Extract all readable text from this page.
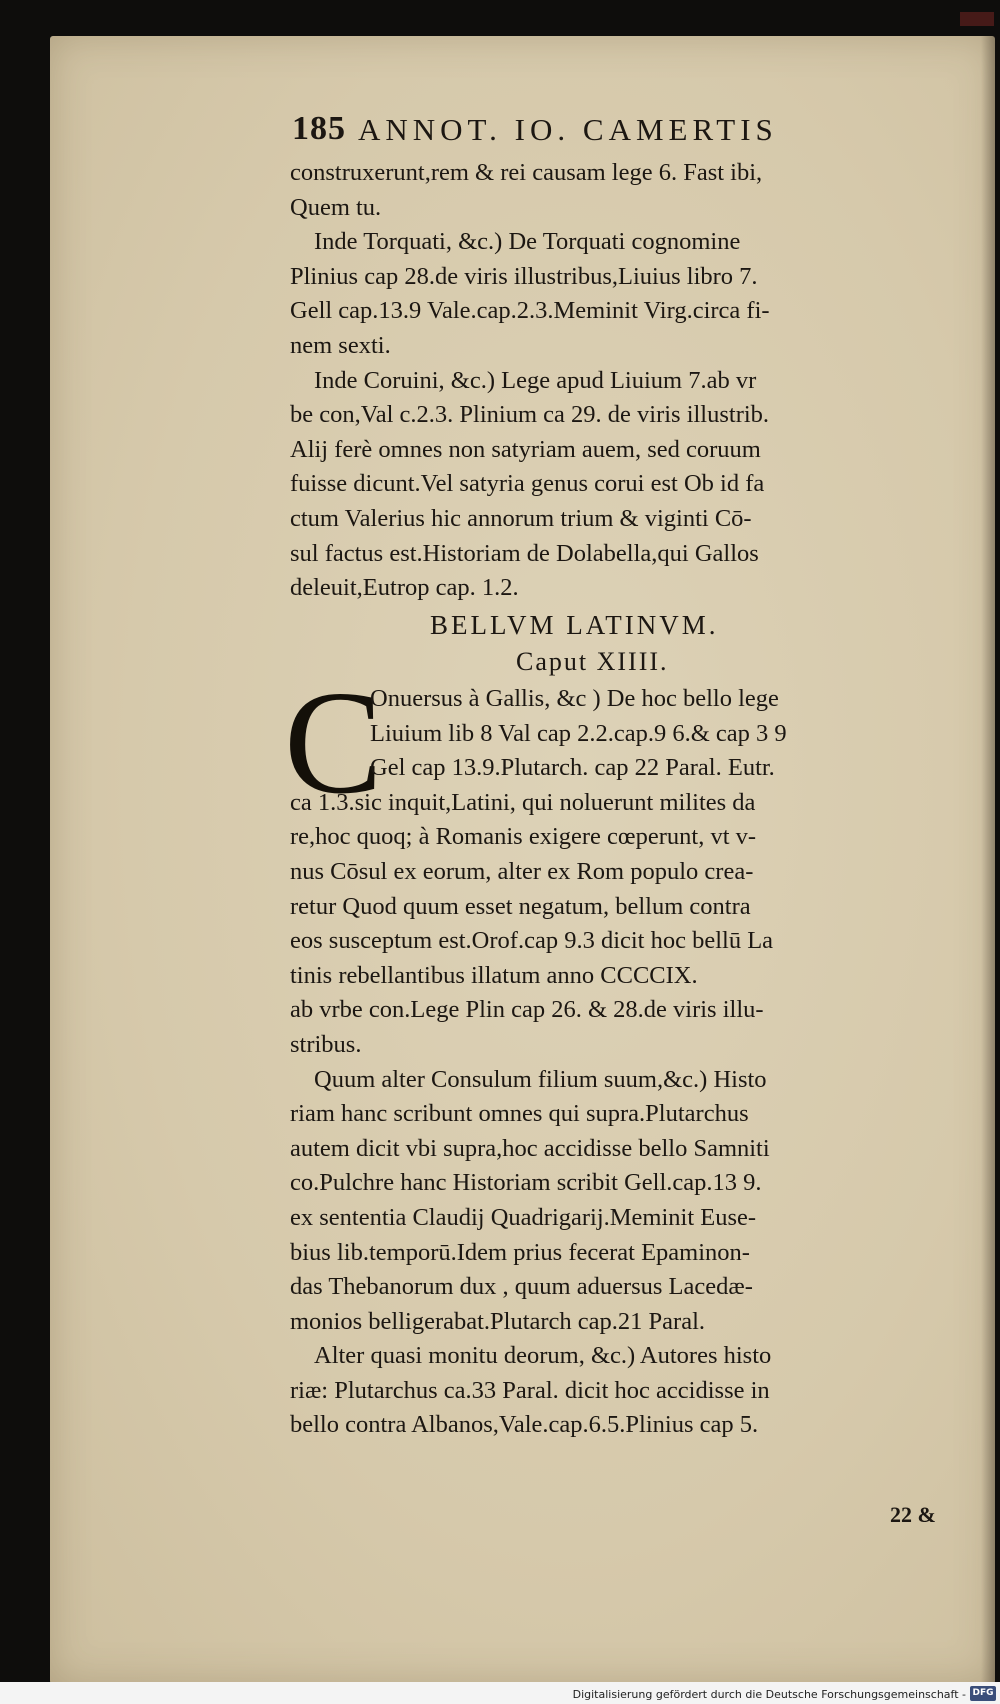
185 ANNOT. IO. CAMERTIS
construxerunt,rem & rei causam lege 6. Fast ibi,
Quem tu.
Inde Torquati, &c.) De Torquati cognomine
Plinius cap 28.de viris illustribus,Liuius libro 7.
Gell cap.13.9 Vale.cap.2.3.Meminit Virg.circa fi-
nem sexti.
Inde Coruini, &c.) Lege apud Liuium 7.ab vr
be con,Val c.2.3. Plinium ca 29. de viris illustrib.
Alij ferè omnes non satyriam auem, sed coruum
fuisse dicunt.Vel satyria genus corui est Ob id fa
ctum Valerius hic annorum trium & viginti Cō-
sul factus est.Historiam de Dolabella,qui Gallos
deleuit,Eutrop cap. 1.2.
BELLVM LATINVM.
Caput XIIII.
C
Onuersus à Gallis, &c ) De hoc bello lege
Liuium lib 8 Val cap 2.2.cap.9 6.& cap 3 9
Gel cap 13.9.Plutarch. cap 22 Paral. Eutr.
ca 1.3.sic inquit,Latini, qui noluerunt milites da
re,hoc quoq; à Romanis exigere cœperunt, vt v-
nus Cōsul ex eorum, alter ex Rom populo crea-
retur Quod quum esset negatum, bellum contra
eos susceptum est.Orof.cap 9.3 dicit hoc bellū La
tinis rebellantibus illatum anno CCCCIX.
ab vrbe con.Lege Plin cap 26. & 28.de viris illu-
stribus.
Quum alter Consulum filium suum,&c.) Histo
riam hanc scribunt omnes qui supra.Plutarchus
autem dicit vbi supra,hoc accidisse bello Samniti
co.Pulchre hanc Historiam scribit Gell.cap.13 9.
ex sententia Claudij Quadrigarij.Meminit Euse-
bius lib.temporū.Idem prius fecerat Epaminon-
das Thebanorum dux , quum aduersus Lacedæ-
monios belligerabat.Plutarch cap.21 Paral.
Alter quasi monitu deorum, &c.) Autores histo
riæ: Plutarchus ca.33 Paral. dicit hoc accidisse in
bello contra Albanos,Vale.cap.6.5.Plinius cap 5.
22 &
Digitalisierung gefördert durch die Deutsche Forschungsgemeinschaft - DFG
